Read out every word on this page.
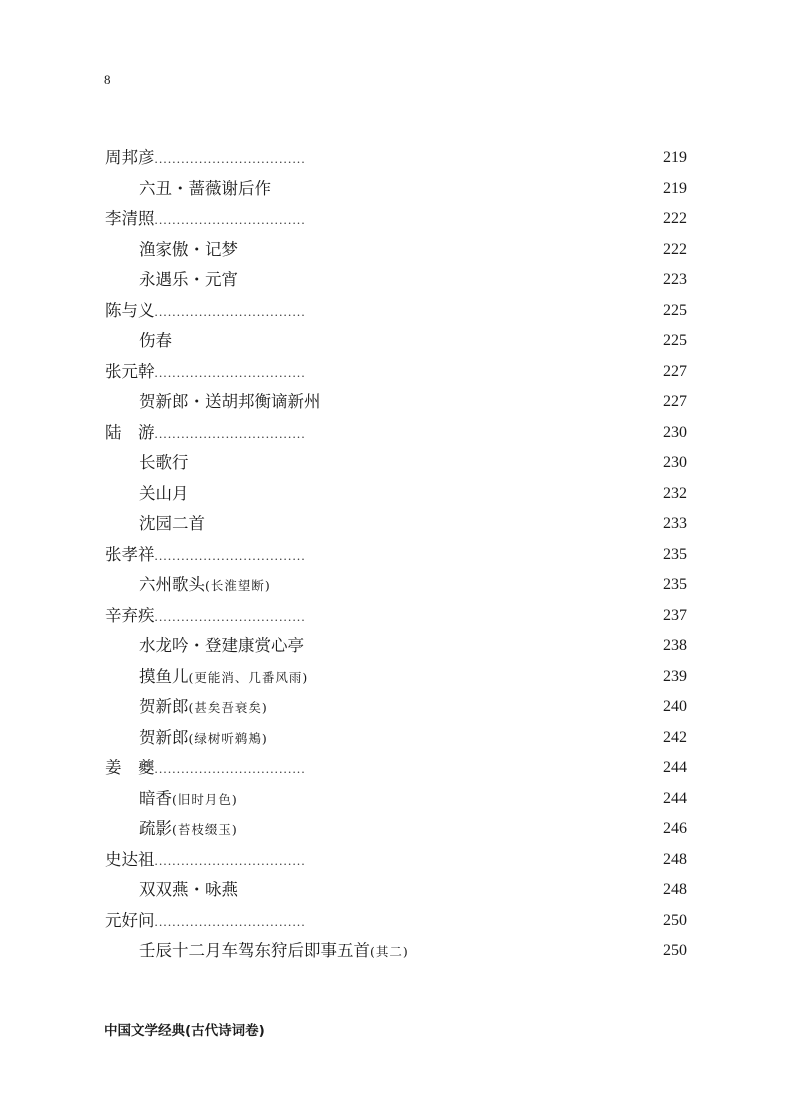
8
周邦彦..................................	219
六丑・蔷薇谢后作	219
李清照..................................	222
渔家傲・记梦	222
永遇乐・元宵	223
陈与义..................................	225
伤春	225
张元幹..................................	227
贺新郎・送胡邦衡谪新州	227
陆　游..................................	230
长歌行	230
关山月	232
沈园二首	233
张孝祥..................................	235
六州歌头(长淮望断)	235
辛弃疾..................................	237
水龙吟・登建康赏心亭	238
摸鱼儿(更能消、几番风雨)	239
贺新郎(甚矣吾衰矣)	240
贺新郎(绿树听鹈鴂)	242
姜　夔..................................	244
暗香(旧时月色)	244
疏影(苔枝缀玉)	246
史达祖..................................	248
双双燕・咏燕	248
元好问..................................	250
壬辰十二月车驾东狩后即事五首(其二)	250
中国文学经典(古代诗词卷)
